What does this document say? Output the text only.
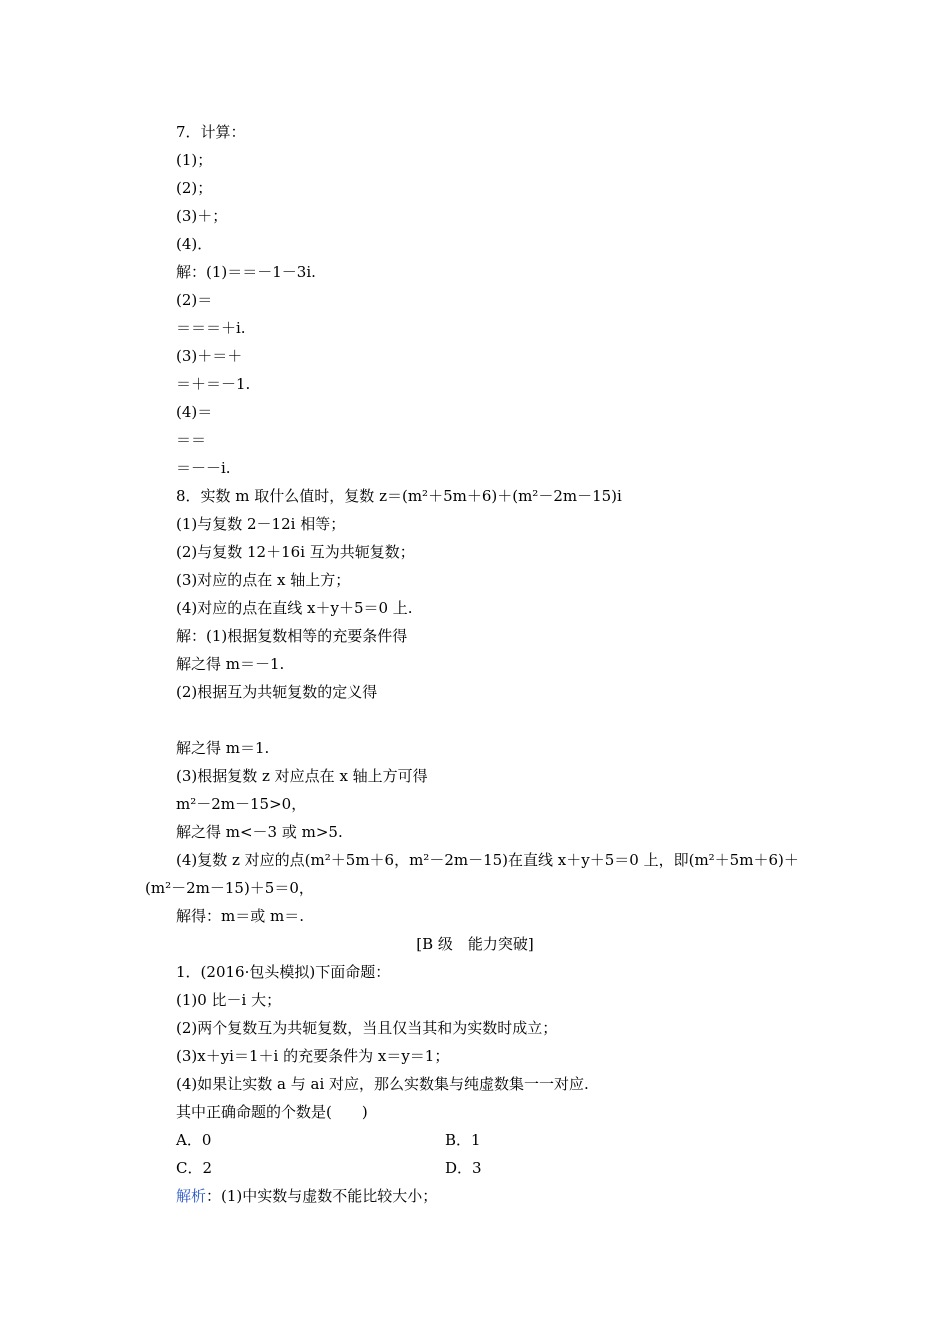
7．计算：
(1)；
(2)；
(3)＋；
(4)．
解：(1)＝＝－1－3i.
(2)＝
＝＝＝＋i.
(3)＋＝＋
＝＋＝－1.
(4)＝
＝＝
＝－－i.
8．实数 m 取什么值时，复数 z＝(m²＋5m＋6)＋(m²－2m－15)i
(1)与复数 2－12i 相等；
(2)与复数 12＋16i 互为共轭复数；
(3)对应的点在 x 轴上方；
(4)对应的点在直线 x＋y＋5＝0 上.
解：(1)根据复数相等的充要条件得
解之得 m＝－1.
(2)根据互为共轭复数的定义得
解之得 m＝1.
(3)根据复数 z 对应点在 x 轴上方可得
m²－2m－15>0，
解之得 m<－3 或 m>5.
(4)复数 z 对应的点(m²＋5m＋6，m²－2m－15)在直线 x＋y＋5＝0 上，即(m²＋5m＋6)＋
(m²－2m－15)＋5＝0，
解得：m＝或 m＝.
[B 级　能力突破]
1．(2016·包头模拟)下面命题：
(1)0 比－i 大；
(2)两个复数互为共轭复数，当且仅当其和为实数时成立；
(3)x＋yi＝1＋i 的充要条件为 x＝y＝1；
(4)如果让实数 a 与 ai 对应，那么实数集与纯虚数集一一对应.
其中正确命题的个数是(　　)
A．0	B．1
C．2	D．3
解析：(1)中实数与虚数不能比较大小；
